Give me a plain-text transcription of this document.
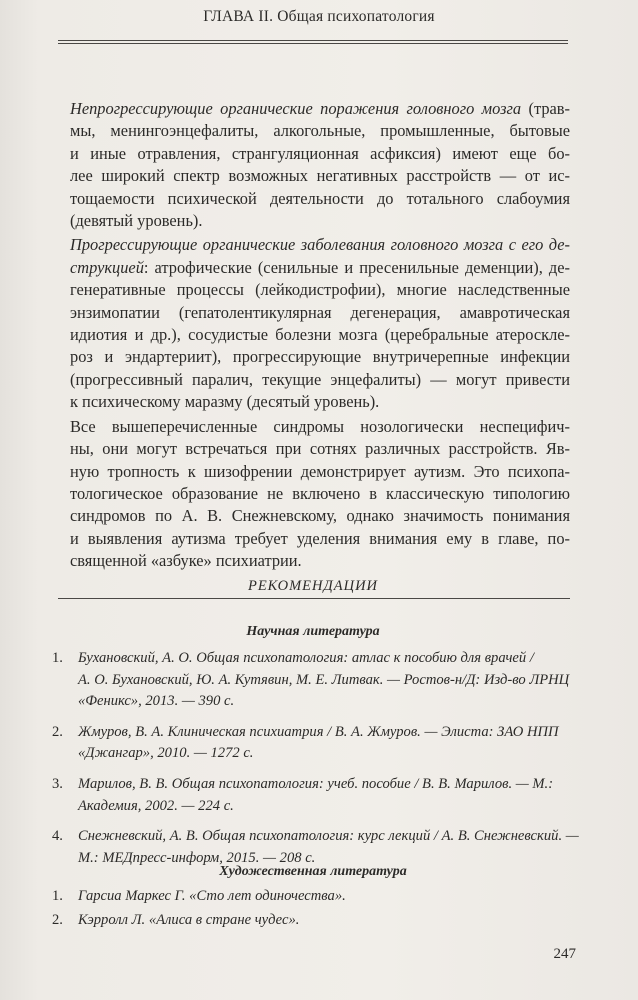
ГЛАВА II. Общая психопатология

Непрогрессирующие органические поражения головного мозга (трав-
мы, менингоэнцефалиты, алкогольные, промышленные, бытовые
и иные отравления, странгуляционная асфиксия) имеют еще бо-
лее широкий спектр возможных негативных расстройств — от ис-
тощаемости психической деятельности до тотального слабоумия
(девятый уровень).

Прогрессирующие органические заболевания головного мозга с его де-
струкцией: атрофические (сенильные и пресенильные деменции), де-
генеративные процессы (лейкодистрофии), многие наследственные
энзимопатии (гепатолентикулярная дегенерация, амавротическая
идиотия и др.), сосудистые болезни мозга (церебральные атероскле-
роз и эндартериит), прогрессирующие внутричерепные инфекции
(прогрессивный паралич, текущие энцефалиты) — могут привести
к психическому маразму (десятый уровень).

Все вышеперечисленные синдромы нозологически неспецифич-
ны, они могут встречаться при сотнях различных расстройств. Яв-
ную тропность к шизофрении демонстрирует аутизм. Это психопа-
тологическое образование не включено в классическую типологию
синдромов по А. В. Снежневскому, однако значимость понимания
и выявления аутизма требует уделения внимания ему в главе, по-
священной «азбуке» психиатрии.

РЕКОМЕНДАЦИИ
Научная литература
1. Бухановский, А. О. Общая психопатология: атлас к пособию для врачей /
А. О. Бухановский, Ю. А. Кутявин, М. Е. Литвак. — Ростов-н/Д: Изд-во ЛРНЦ
«Феникс», 2013. — 390 с.
2. Жмуров, В. А. Клиническая психиатрия / В. А. Жмуров. — Элиста: ЗАО НПП
«Джангар», 2010. — 1272 с.
3. Марилов, В. В. Общая психопатология: учеб. пособие / В. В. Марилов. — М.:
Академия, 2002. — 224 с.
4. Снежневский, А. В. Общая психопатология: курс лекций / А. В. Снежневский. —
М.: МЕДпресс-информ, 2015. — 208 с.
Художественная литература
1. Гарсиа Маркес Г. «Сто лет одиночества».
2. Кэрролл Л. «Алиса в стране чудес».
247
